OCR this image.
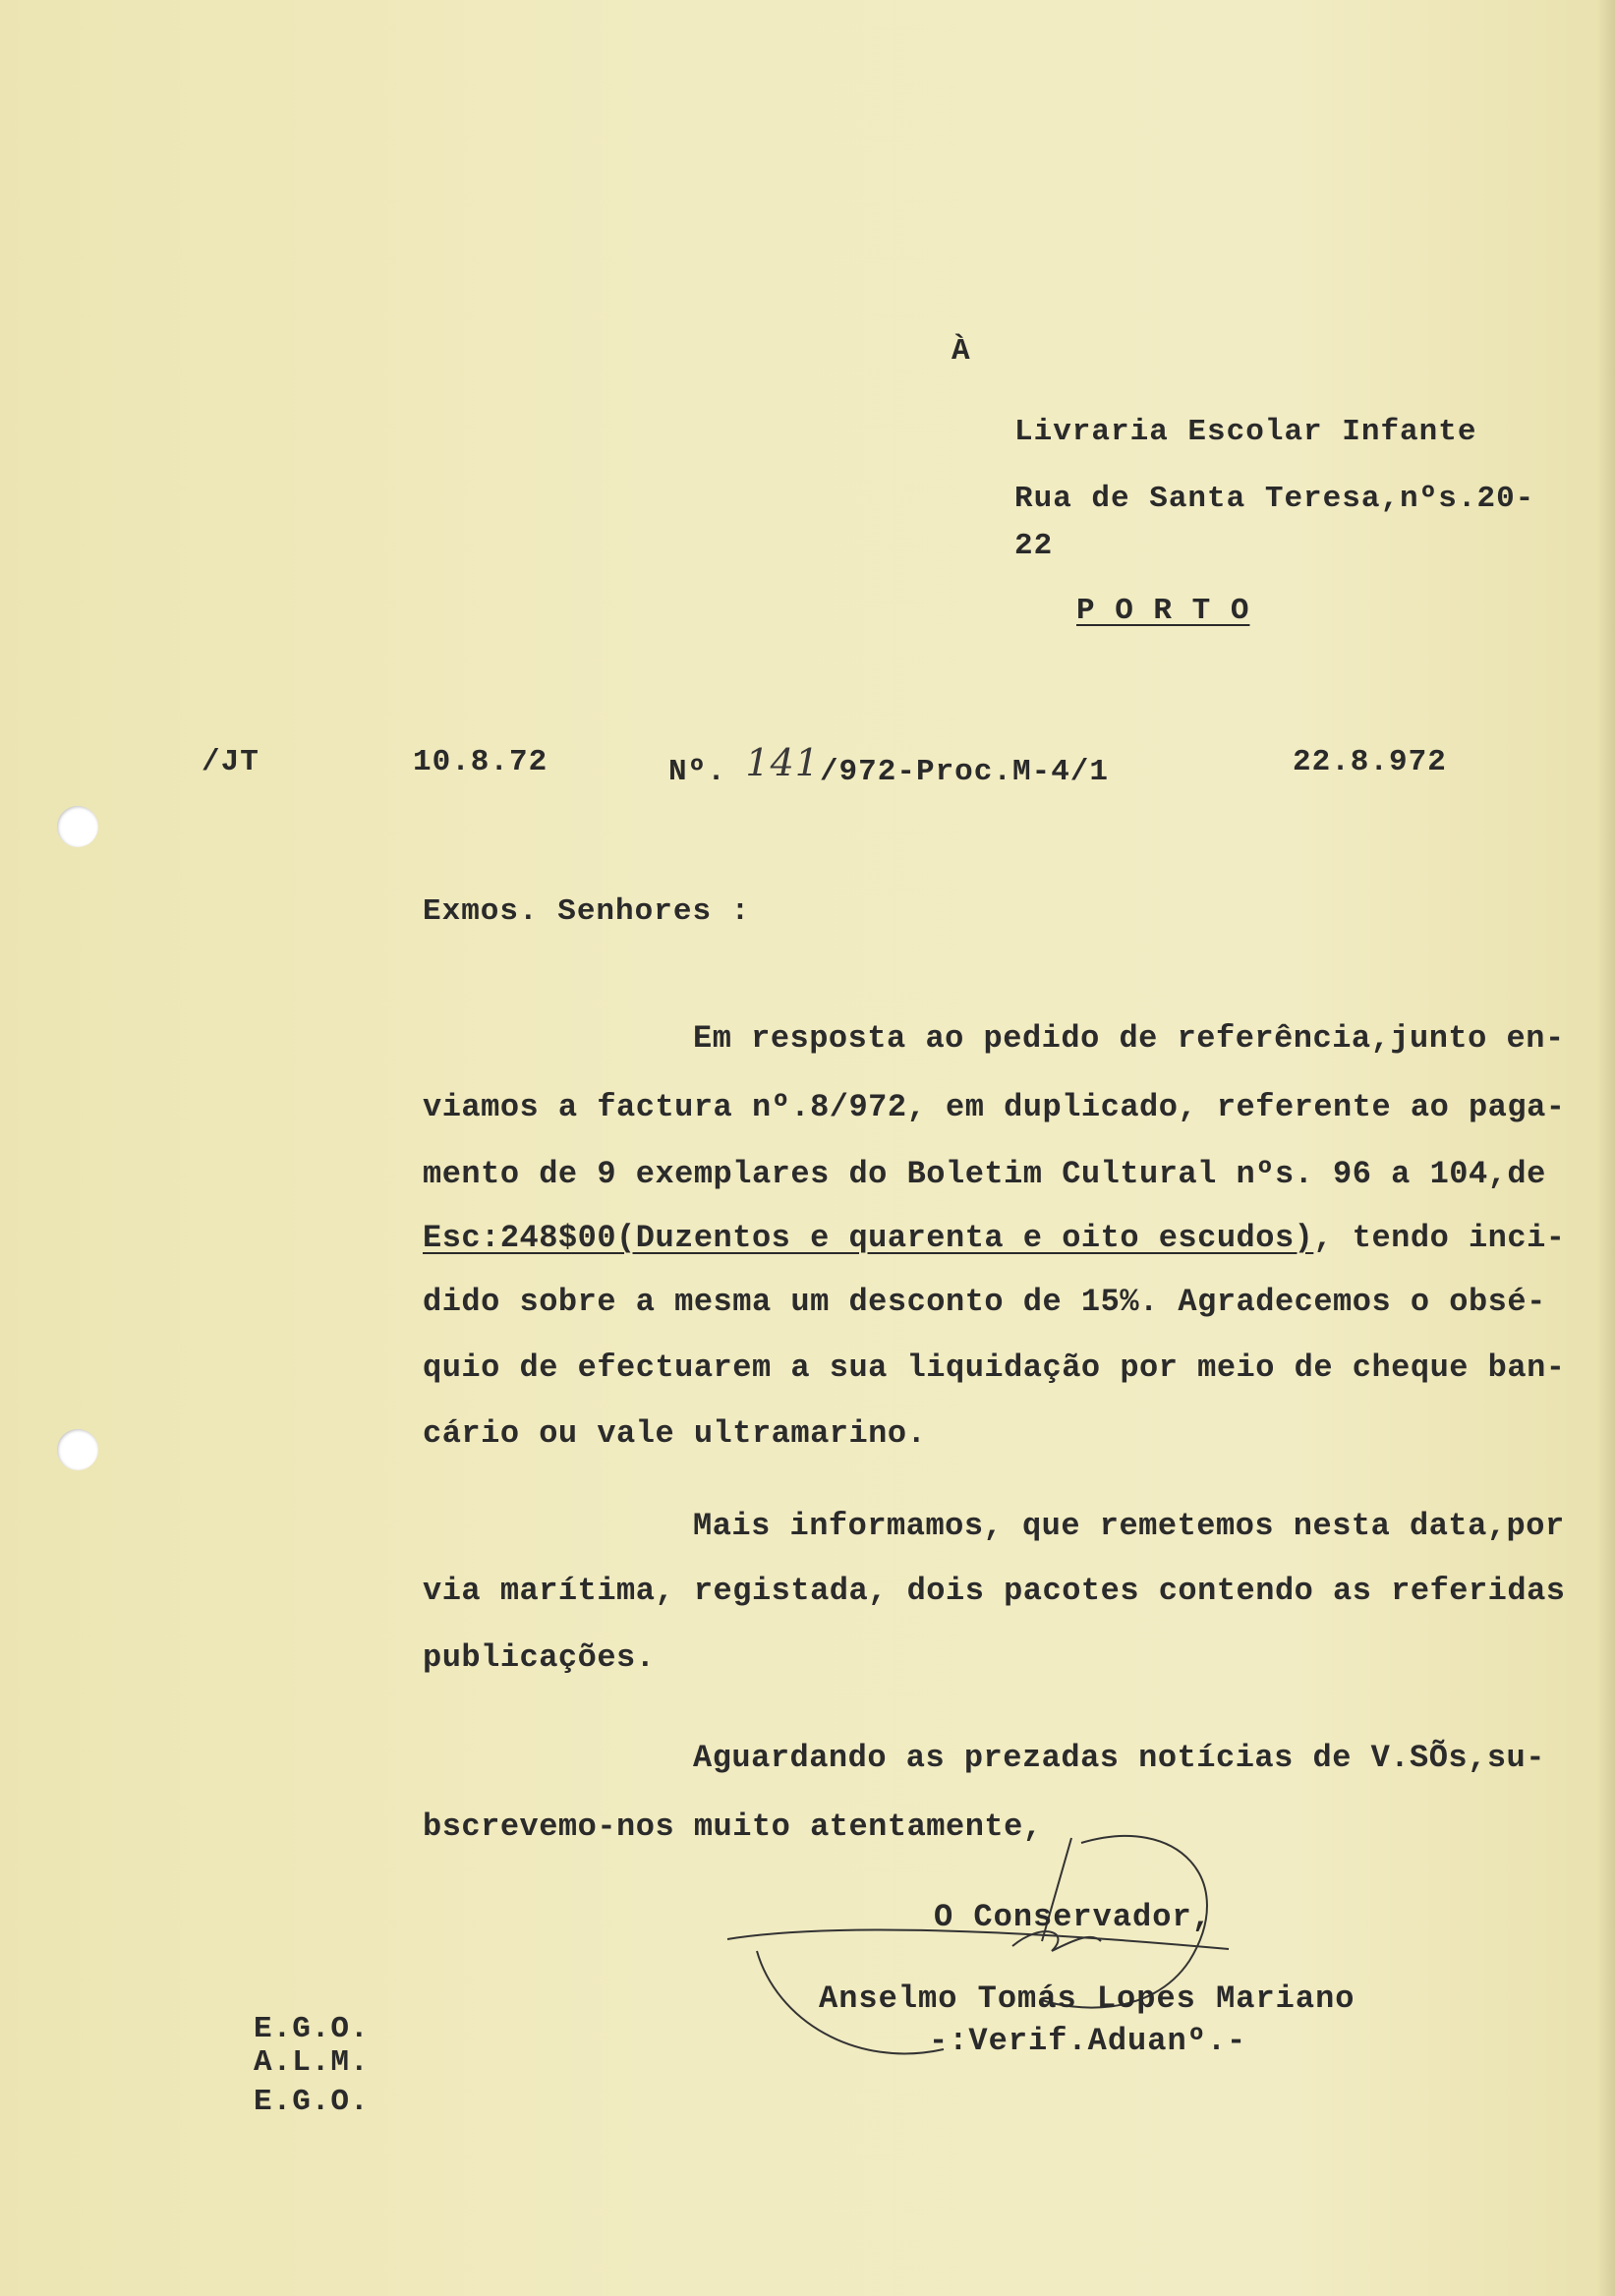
À
Livraria Escolar Infante
Rua de Santa Teresa,nºs.20-
22
P O R T O
/JT	10.8.72	Nº. 141/972-Proc.M-4/1	22.8.972
Exmos. Senhores :
Em resposta ao pedido de referência,junto en-
viamos a factura nº.8/972, em duplicado, referente ao paga-
mento de 9 exemplares do Boletim Cultural nºs. 96 a 104,de
Esc:248$00(Duzentos e quarenta e oito escudos), tendo inci-
dido sobre a mesma um desconto de 15%. Agradecemos o obsé-
quio de efectuarem a sua liquidação por meio de cheque ban-
cário ou vale ultramarino.
Mais informamos, que remetemos nesta data,por
via marítima, registada, dois pacotes contendo as referidas
publicações.
Aguardando as prezadas notícias de V.SÕs,su-
bscrevemo-nos muito atentamente,
O Conservador,
Anselmo Tomás Lopes Mariano
-:Verif.Aduanº.-
E.G.O.
A.L.M.
E.G.O.
